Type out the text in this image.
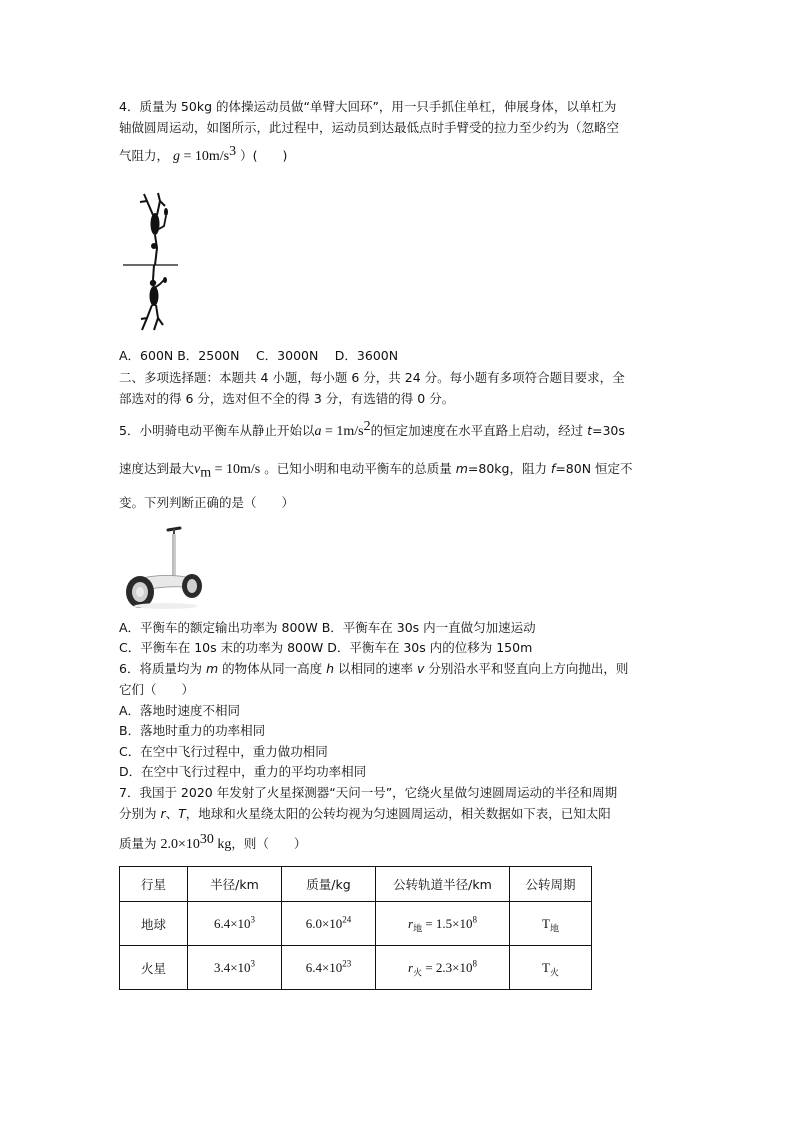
4．质量为 50kg 的体操运动员做“单臂大回环”，用一只手抓住单杠，伸展身体，以单杠为
轴做圆周运动，如图所示，此过程中，运动员到达最低点时手臂受的拉力至少约为（忽略空
气阻力， $g = 10m/s^3$ ）(　　)
A．600N B．2500N　 C．3000N　 D．3600N
二、多项选择题：本题共 4 小题，每小题 6 分，共 24 分。每小题有多项符合题目要求，全
部选对的得 6 分，选对但不全的得 3 分，有选错的得 0 分。
5．小明骑电动平衡车从静止开始以$a = 1m/s^2$的恒定加速度在水平直路上启动，经过 t=30s
速度达到最大$v_m = 10m/s$ 。已知小明和电动平衡车的总质量 m=80kg，阻力 f=80N 恒定不
变。下列判断正确的是（　　）
A．平衡车的额定输出功率为 800W B．平衡车在 30s 内一直做匀加速运动
C．平衡车在 10s 末的功率为 800W D．平衡车在 30s 内的位移为 150m
6．将质量均为 m 的物体从同一高度 h 以相同的速率 v 分别沿水平和竖直向上方向抛出，则
它们（　　）
A．落地时速度不相同
B．落地时重力的功率相同
C．在空中飞行过程中，重力做功相同
D．在空中飞行过程中，重力的平均功率相同
7．我国于 2020 年发射了火星探测器“天问一号”，它绕火星做匀速圆周运动的半径和周期
分别为 r、T，地球和火星绕太阳的公转均视为匀速圆周运动，相关数据如下表，已知太阳
质量为 $2.0\times 10^{30}$ kg，则（　　）
行星	半径/km	质量/kg	公转轨道半径/km	公转周期
地球	$6.4\times 10^3$	$6.0\times 10^{24}$	$r_地 = 1.5\times 10^8$	$T_地$
火星	$3.4\times 10^3$	$6.4\times 10^{23}$	$r_火 = 2.3\times 10^8$	$T_火$
